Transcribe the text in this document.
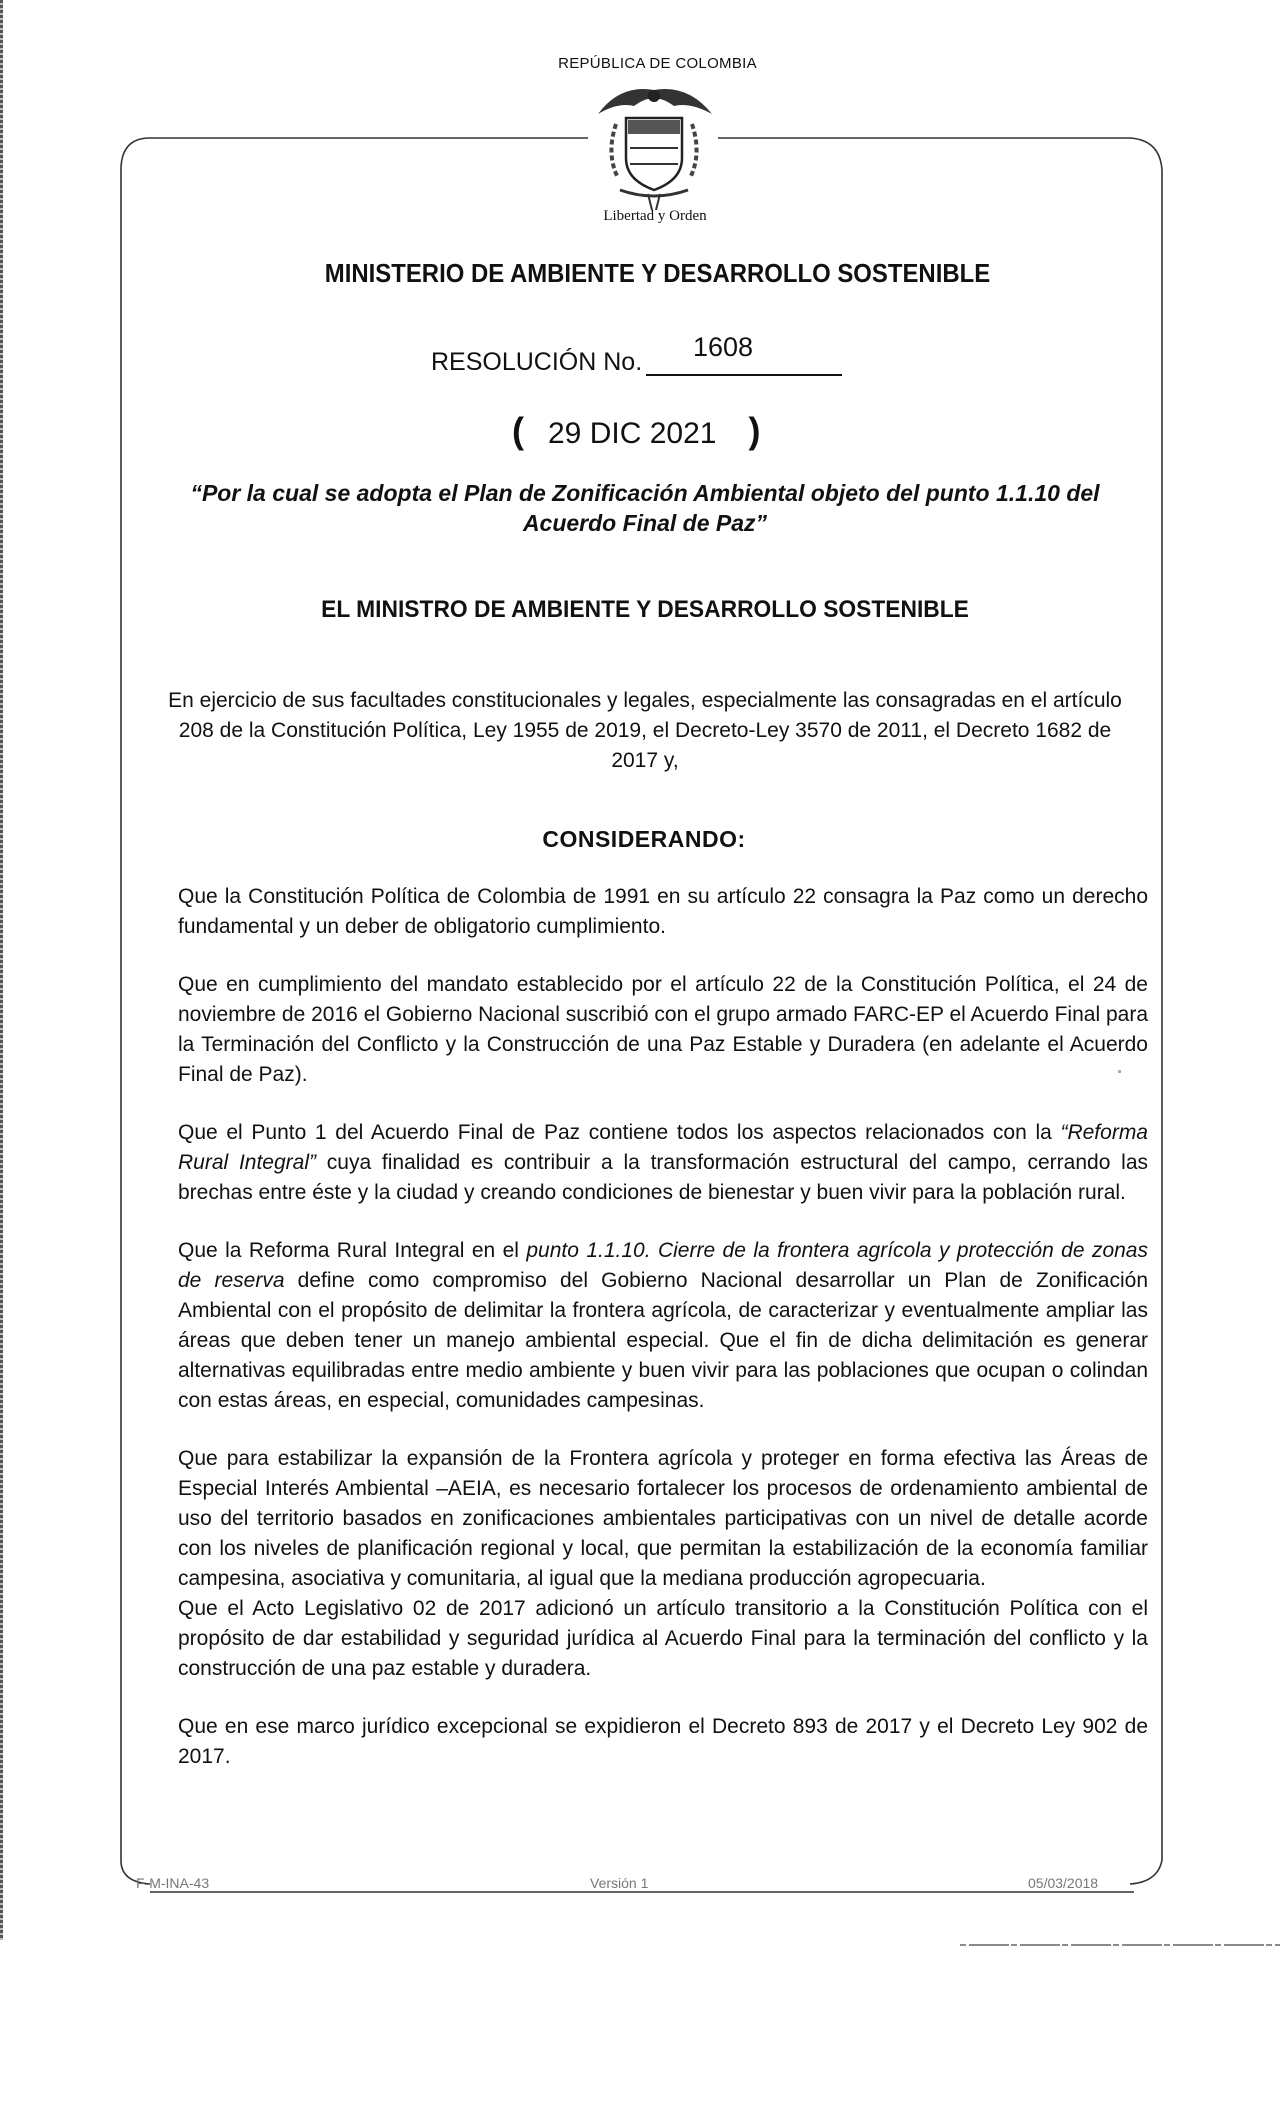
REPÚBLICA DE COLOMBIA
Libertad y Orden
MINISTERIO DE AMBIENTE Y DESARROLLO SOSTENIBLE
RESOLUCIÓN No. 1608
( 29 DIC 2021 )
“Por la cual se adopta el Plan de Zonificación Ambiental objeto del punto 1.1.10 del Acuerdo Final de Paz”
EL MINISTRO DE AMBIENTE Y DESARROLLO SOSTENIBLE
En ejercicio de sus facultades constitucionales y legales, especialmente las consagradas en el artículo 208 de la Constitución Política, Ley 1955 de 2019, el Decreto-Ley 3570 de 2011, el Decreto 1682 de 2017 y,
CONSIDERANDO:

Que la Constitución Política de Colombia de 1991 en su artículo 22 consagra la Paz como un derecho fundamental y un deber de obligatorio cumplimiento.

Que en cumplimiento del mandato establecido por el artículo 22 de la Constitución Política, el 24 de noviembre de 2016 el Gobierno Nacional suscribió con el grupo armado FARC-EP el Acuerdo Final para la Terminación del Conflicto y la Construcción de una Paz Estable y Duradera (en adelante el Acuerdo Final de Paz).

Que el Punto 1 del Acuerdo Final de Paz contiene todos los aspectos relacionados con la “Reforma Rural Integral” cuya finalidad es contribuir a la transformación estructural del campo, cerrando las brechas entre éste y la ciudad y creando condiciones de bienestar y buen vivir para la población rural.

Que la Reforma Rural Integral en el punto 1.1.10. Cierre de la frontera agrícola y protección de zonas de reserva define como compromiso del Gobierno Nacional desarrollar un Plan de Zonificación Ambiental con el propósito de delimitar la frontera agrícola, de caracterizar y eventualmente ampliar las áreas que deben tener un manejo ambiental especial. Que el fin de dicha delimitación es generar alternativas equilibradas entre medio ambiente y buen vivir para las poblaciones que ocupan o colindan con estas áreas, en especial, comunidades campesinas.

Que para estabilizar la expansión de la Frontera agrícola y proteger en forma efectiva las Áreas de Especial Interés Ambiental –AEIA, es necesario fortalecer los procesos de ordenamiento ambiental de uso del territorio basados en zonificaciones ambientales participativas con un nivel de detalle acorde con los niveles de planificación regional y local, que permitan la estabilización de la economía familiar campesina, asociativa y comunitaria, al igual que la mediana producción agropecuaria.

Que el Acto Legislativo 02 de 2017 adicionó un artículo transitorio a la Constitución Política con el propósito de dar estabilidad y seguridad jurídica al Acuerdo Final para la terminación del conflicto y la construcción de una paz estable y duradera.

Que en ese marco jurídico excepcional se expidieron el Decreto 893 de 2017 y el Decreto Ley 902 de 2017.

F-M-INA-43	Versión 1	05/03/2018
